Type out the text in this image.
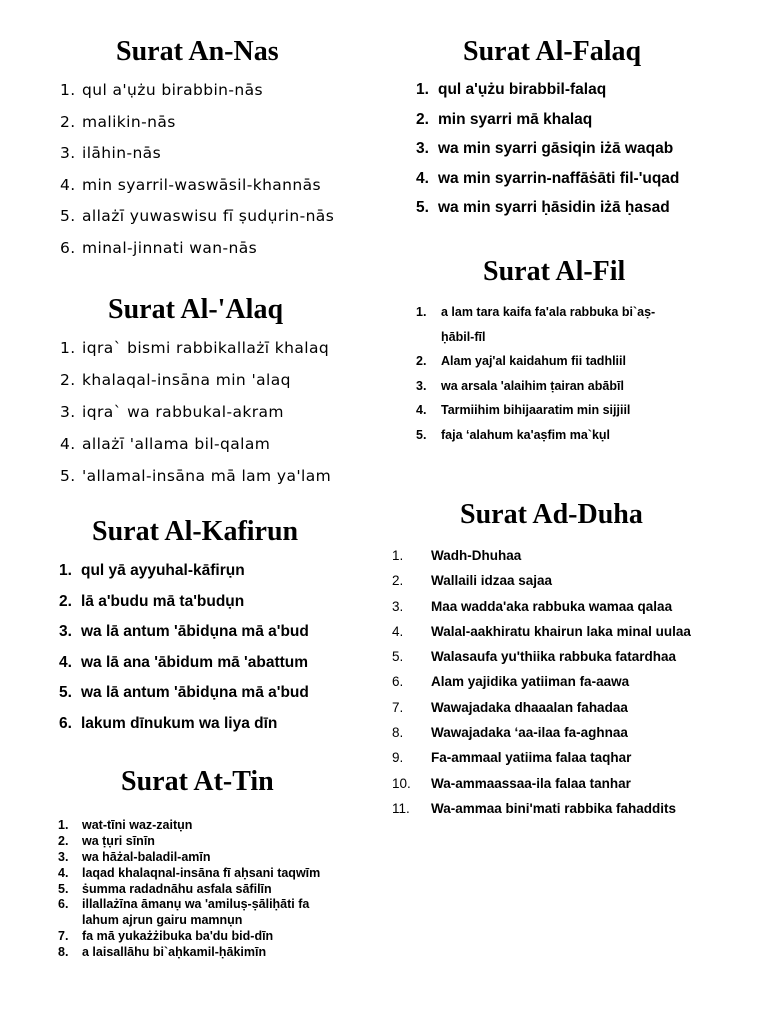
Surat An-Nas
1. qul a'ụżu birabbin-nās
2. malikin-nās
3. ilāhin-nās
4. min syarril-waswāsil-khannās
5. allażī yuwaswisu fī ṣudụrin-nās
6. minal-jinnati wan-nās
Surat Al-'Alaq
1. iqra` bismi rabbikallażī khalaq
2. khalaqal-insāna min 'alaq
3. iqra` wa rabbukal-akram
4. allażī 'allama bil-qalam
5. 'allamal-insāna mā lam ya'lam
Surat Al-Kafirun
1. qul yā ayyuhal-kāfirụn
2. lā a'budu mā ta'budụn
3. wa lā antum 'ābidụna mā a'bud
4. wa lā ana 'ābidum mā 'abattum
5. wa lā antum 'ābidụna mā a'bud
6. lakum dīnukum wa liya dīn
Surat At-Tin
1.	wat-tīni waz-zaitụn
2.	wa ṭụri sīnīn
3.	wa hāżal-baladil-amīn
4.	laqad khalaqnal-insāna fī aḥsani taqwīm
5.	ṡumma radadnāhu asfala sāfilīn
6.	illallażīna āmanụ wa 'amiluṣ-ṣāliḥāti fa
lahum ajrun gairu mamnụn
7.	fa mā yukażżibuka ba'du bid-dīn
8.	a laisallāhu bi`aḥkamil-ḥākimīn
Surat Al-Falaq
1. qul a'ụżu birabbil-falaq
2. min syarri mā khalaq
3. wa min syarri gāsiqin iżā waqab
4. wa min syarrin-naffāṡāti fil-'uqad
5. wa min syarri ḥāsidin iżā ḥasad
Surat Al-Fil
1.	a lam tara kaifa fa'ala rabbuka bi`aṣ-
ḥābil-fīl
2.	Alam yaj'al kaidahum fii tadhliil
3.	wa arsala 'alaihim ṭairan abābīl
4.	Tarmiihim bihijaaratim min sijjiil
5.	faja ‘alahum ka'aṣfim ma`kụl
Surat Ad-Duha
1.	Wadh-Dhuhaa
2.	Wallaili idzaa sajaa
3.	Maa wadda'aka rabbuka wamaa qalaa
4.	Walal-aakhiratu khairun laka minal uulaa
5.	Walasaufa yu'thiika rabbuka fatardhaa
6.	Alam yajidika yatiiman fa-aawa
7.	Wawajadaka dhaaalan fahadaa
8.	Wawajadaka ‘aa-ilaa fa-aghnaa
9.	Fa-ammaal yatiima falaa taqhar
10.	Wa-ammaassaa-ila falaa tanhar
11.	Wa-ammaa bini'mati rabbika fahaddits
